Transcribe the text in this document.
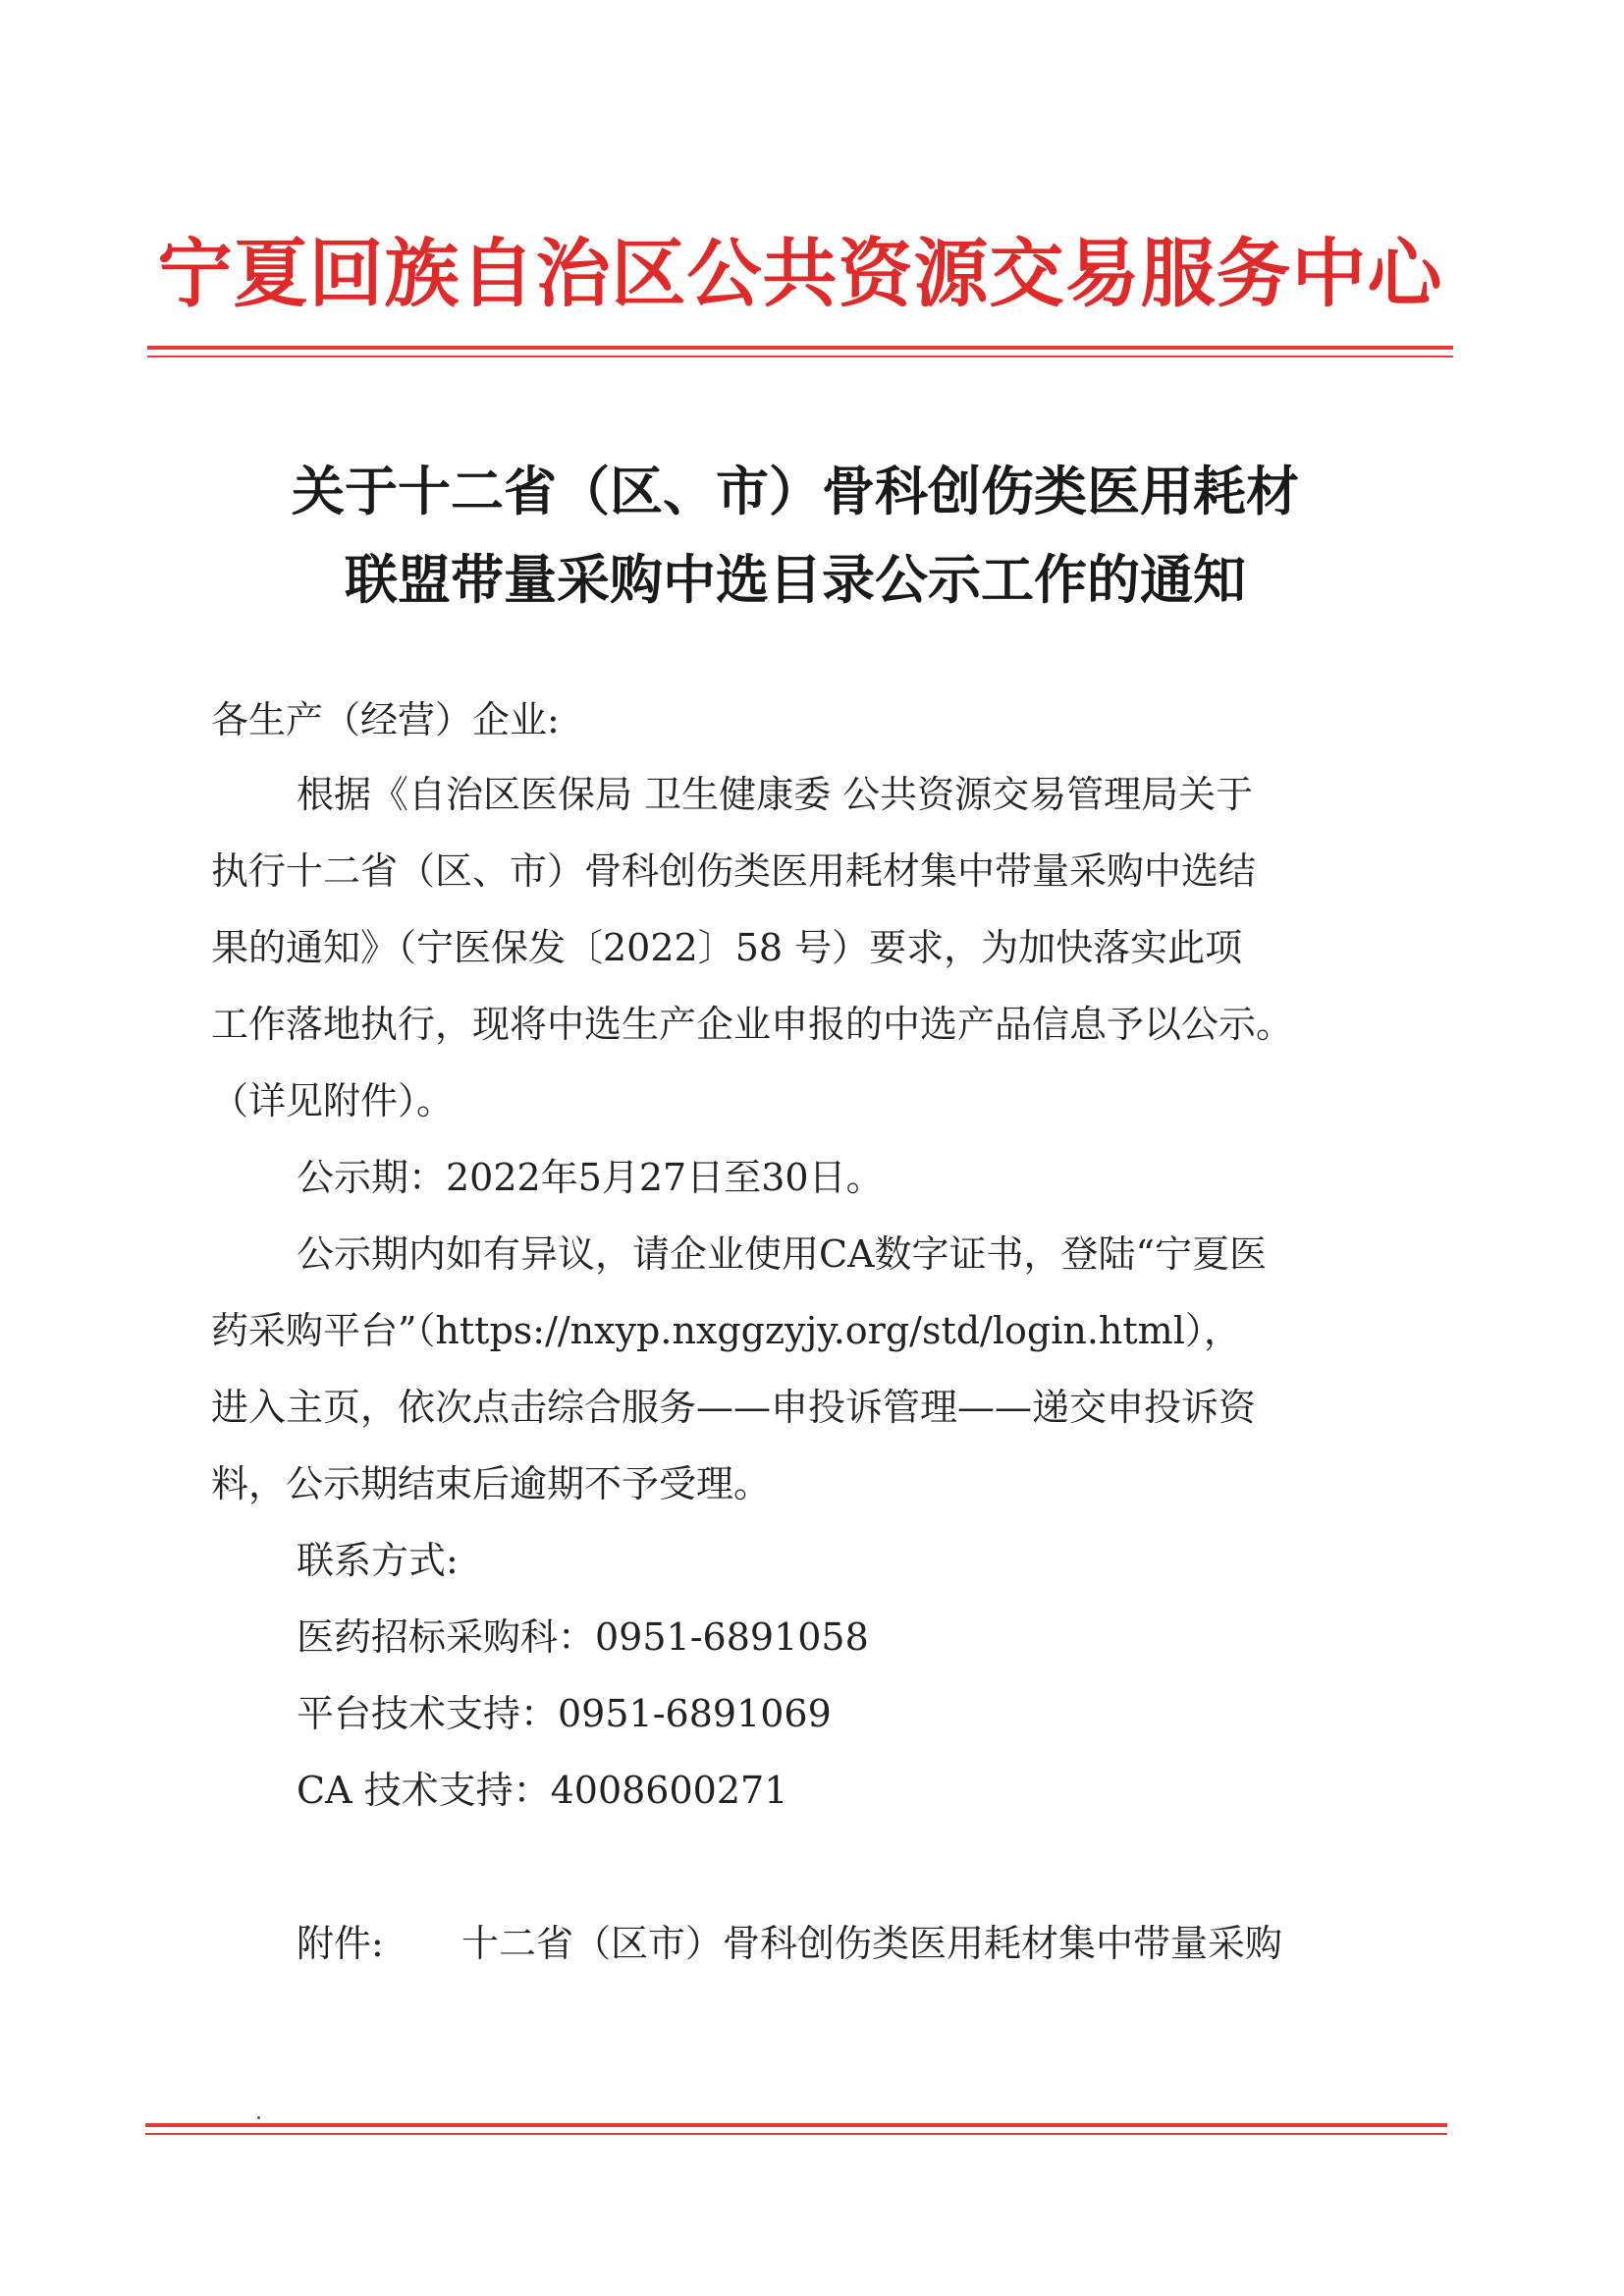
宁夏回族自治区公共资源交易服务中心
关于十二省（区、市）骨科创伤类医用耗材
联盟带量采购中选目录公示工作的通知
各生产（经营）企业:
根据《自治区医保局 卫生健康委 公共资源交易管理局关于
执行十二省（区、市）骨科创伤类医用耗材集中带量采购中选结
果的通知》（宁医保发〔2022〕58 号）要求，为加快落实此项
工作落地执行，现将中选生产企业申报的中选产品信息予以公示。
（详见附件）。
公示期：2022年5月27日至30日。
公示期内如有异议，请企业使用CA数字证书，登陆“宁夏医
药采购平台”（https://nxyp.nxggzyjy.org/std/login.html），
进入主页，依次点击综合服务——申投诉管理——递交申投诉资
料，公示期结束后逾期不予受理。
联系方式:
医药招标采购科：0951-6891058
平台技术支持：0951-6891069
CA 技术支持：4008600271
附件: 十二省（区市）骨科创伤类医用耗材集中带量采购
